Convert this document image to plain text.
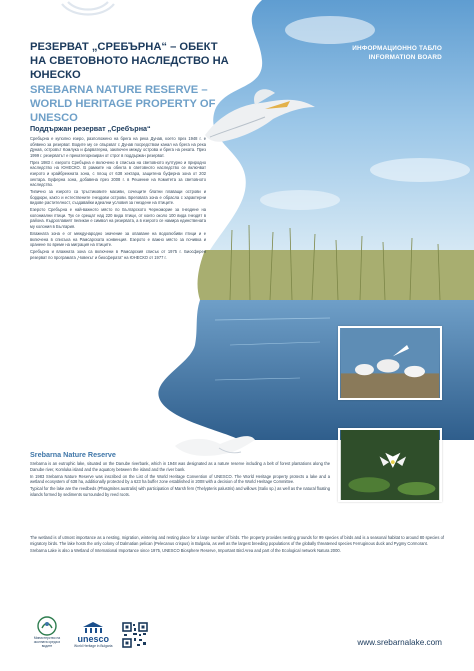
РЕЗЕРВАТ „СРЕБЪРНА“ – ОБЕКТ НА СВЕТОВНОТО НАСЛЕДСТВО НА ЮНЕСКО
SREBARNA NATURE RESERVE – WORLD HERITAGE PROPERTY OF UNESCO
ИНФОРМАЦИОННО ТАБЛО
INFORMATION BOARD
Поддържан резерват „Сребърна“

Сребърна е куполно езеро, разположено на брега на река Дунав, което през 1948 г. е обявено за резерват. Водите му се свързват с Дунав посредством канал на брега на река Дунав, островът Комлука и фарватерна, заключен между острова и брега на реката. През 1999 г. резерватът е прекатегоризиран от строг в поддържан резерват.

През 1983 г. езерото Сребърна е включено в списъка на световното културно и природно наследство на ЮНЕСКО. В рамките на обекта в световното наследство се включват езерото и крайбрежната зона, с площ от 638 хектара, защитена буферна зона от 202 хектара. Буферна зона, добавена през 2008 г. в Решение на Комитета за световното наследство.

Типично за езерото са тръстиковите масиви, сочещите блатни плаващи острови и бордюри, както и естествените гнездови острови. Бреговата зона е обрасла с характерни видове растителност, създавайки идеални условия за гнездене на птиците.

Езерото Сребърна е най-важното място по Българското Черноморие за гнездене на колониални птици. Тук се срещат над 220 вида птици, от които около 100 вида гнездят в района. Къдроглавият пеликан е символ на резервата, а в езерото се намира единствената му колония в България.

Влажната зона е от международно значение за опазване на водолюбиви птици и е включена в списъка на Рамсарската конвенция. Езерото е важно място за почивка и хранене по време на миграция на птиците.

Сребърна и влажната зона са включени в Рамсарския списък от 1975 г. Биосферен резерват по програмата „Човекът и биосферата“ на ЮНЕСКО от 1977 г.

Srebarna Nature Reserve

Srebarna is an eutrophic lake, situated on the Danube riverbank, which in 1948 was designated as a nature reserve including a belt of forest plantations along the Danube river, Komluka island and the aquatory between the island and the river bank.

In 1983 Srebarna Nature Reserve was inscribed on the List of the World Heritage Convention of UNESCO. The World Heritage property protects a lake and a wetland ecosystem of 638 ha, additionally protected by a 623 ha buffer zone established in 2008 with a decision of the World Heritage Committee.

Typical for the lake are the reedbeds (Phragmites australis) with participation of Marsh fern (Thelypteris palustris) and willows (Salix sp.) as well as the natural floating islands formed by sediments surrounded by reed roots.

The wetland is of utmost importance as a nesting, migration, wintering and resting place for a large number of birds. The property provides nesting grounds for 99 species of birds and is a seasonal habitat to around 80 species of migratory birds. The lake hosts the only colony of Dalmatian pelican (Pelecanus crispus) in Bulgaria, as well as the largest breeding populations of the globally threatened species Ferruginous duck and Pygmy Cormorant.

Srebarna Lake is also a Wetland of International Importance since 1975, UNESCO Biosphere Reserve, Important Bird Area and part of the Ecological network Natura 2000.

Министерство на околната среда и водите
unesco
World Heritage in Bulgaria	www.srebarnalake.com
